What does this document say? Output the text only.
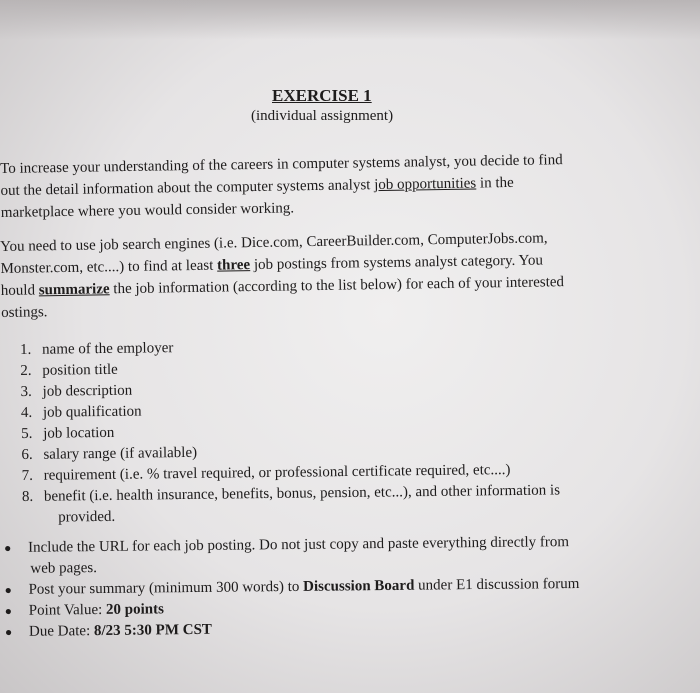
EXERCISE 1
(individual assignment)
To increase your understanding of the careers in computer systems analyst, you decide to find
out the detail information about the computer systems analyst job opportunities in the
marketplace where you would consider working.
You need to use job search engines (i.e. Dice.com, CareerBuilder.com, ComputerJobs.com,
Monster.com, etc....) to find at least three job postings from systems analyst category. You
hould summarize the job information (according to the list below) for each of your interested
ostings.
1. name of the employer
2. position title
3. job description
4. job qualification
5. job location
6. salary range (if available)
7. requirement (i.e. % travel required, or professional certificate required, etc....)
8. benefit (i.e. health insurance, benefits, bonus, pension, etc...), and other information is
provided.
● Include the URL for each job posting. Do not just copy and paste everything directly from
web pages.
● Post your summary (minimum 300 words) to Discussion Board under E1 discussion forum
● Point Value: 20 points
● Due Date: 8/23 5:30 PM CST
